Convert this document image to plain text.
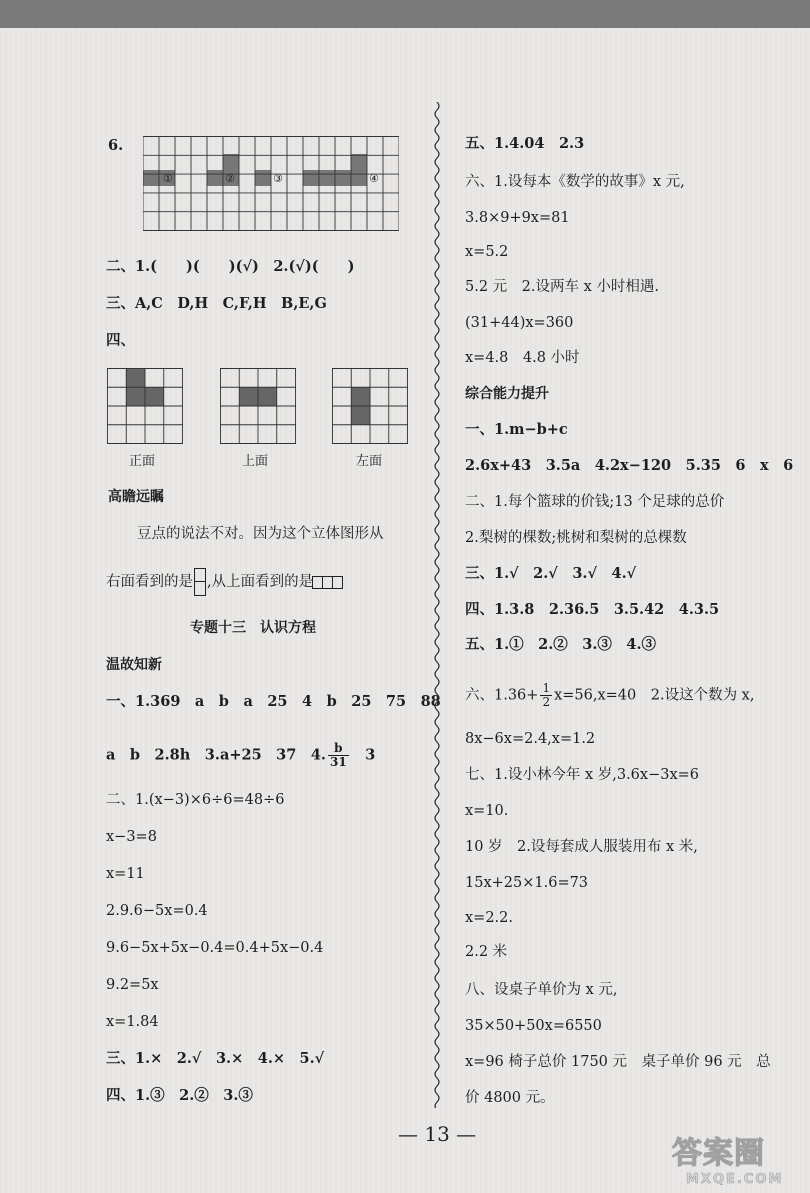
6.
①	②	③	④
二、1.(　　)(　　)(√)　2.(√)(　　)
三、A,C　D,H　C,F,H　B,E,G
四、
正面	上面	左面
高瞻远瞩
豆点的说法不对。因为这个立体图形从
右面看到的是 ,从上面看到的是
专题十三　认识方程
温故知新
一、1.369　a　b　a　25　4　b　25　75　88
a　b　2.8h　3.a+25　37　4. $\frac{b}{31}$
　 3
二、1.(x−3)×6÷6=48÷6
x−3=8
x=11
2.9.6−5x=0.4
9.6−5x+5x−0.4=0.4+5x−0.4
9.2=5x
x=1.84
三、1.×　2.√　3.×　4.×　5.√
四、1.③　2.②　3.③
五、1.4.04　2.3
六、1.设每本《数学的故事》x 元,
3.8×9+9x=81
x=5.2
5.2 元　2.设两车 x 小时相遇.
(31+44)x=360
x=4.8　4.8 小时
综合能力提升
一、1.m−b+c
2.6x+43　3.5a　4.2x−120　5.35　6　x　6
二、1.每个篮球的价钱;13 个足球的总价
2.梨树的棵数;桃树和梨树的总棵数
三、1.√　2.√　3.√　4.√
四、1.3.8　2.36.5　3.5.42　4.3.5
五、1.①　2.②　3.③　4.③
六、$1.36+ \frac{1}{2} x=56,x=40$　2.设这个数为 x,
8x−6x=2.4,x=1.2
七、1.设小林今年 x 岁,3.6x−3x=6
x=10.
10 岁　2.设每套成人服装用布 x 米,
15x+25×1.6=73
x=2.2.
2.2 米
八、设桌子单价为 x 元,
35×50+50x=6550
x=96 椅子总价 1750 元　桌子单价 96 元　总
价 4800 元。
— 13 —
答案圈
MXQE.COM
